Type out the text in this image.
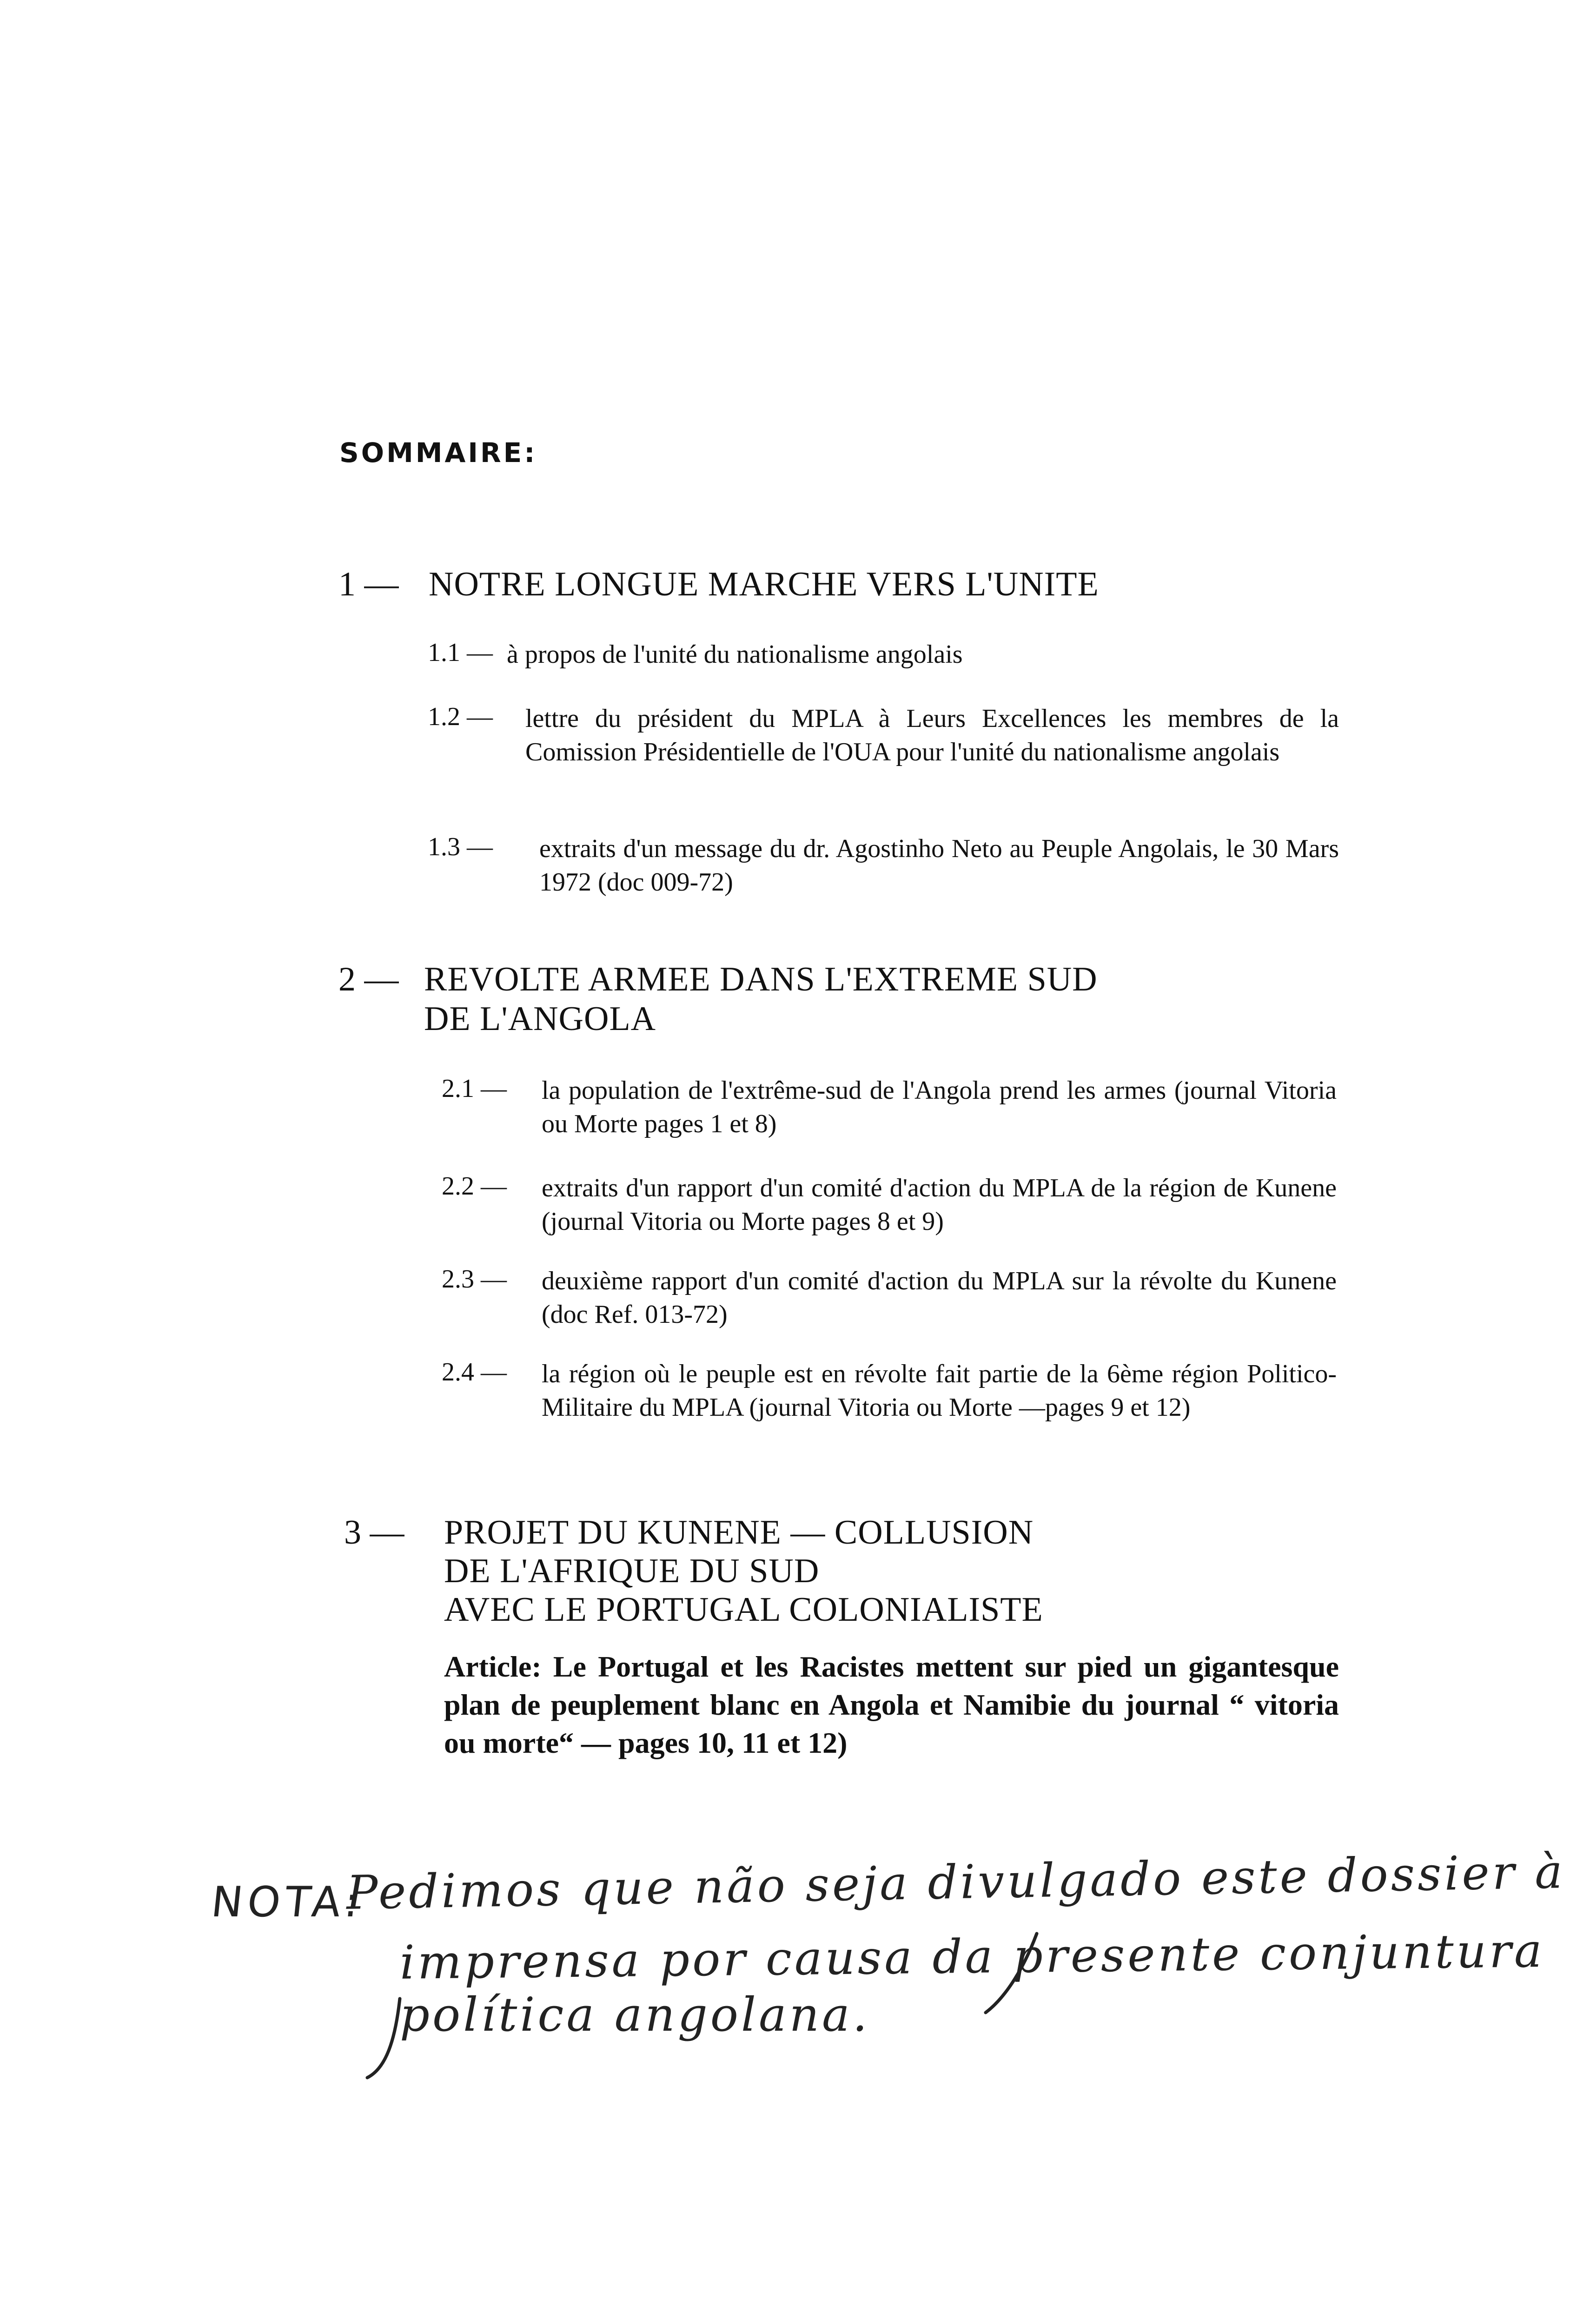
SOMMAIRE:
1 — NOTRE LONGUE MARCHE VERS L'UNITE
1.1 — à propos de l'unité du nationalisme angolais
1.2 — lettre du président du MPLA à Leurs Excellences les membres de la Comission Présidentielle de l'OUA pour l'unité du nationalisme angolais
1.3 — extraits d'un message du dr. Agostinho Neto au Peuple Angolais, le 30 Mars 1972 (doc 009-72)
2 — REVOLTE ARMEE DANS L'EXTREME SUD
DE L'ANGOLA
2.1 — la population de l'extrême-sud de l'Angola prend les armes (journal Vitoria ou Morte pages 1 et 8)
2.2 — extraits d'un rapport d'un comité d'action du MPLA de la région de Kunene (journal Vitoria ou Morte pages 8 et 9)
2.3 — deuxième rapport d'un comité d'action du MPLA sur la révolte du Kunene (doc Ref. 013-72)
2.4 — la région où le peuple est en révolte fait partie de la 6ème région Politico-Militaire du MPLA (journal Vitoria ou Morte —pages 9 et 12)
3 — PROJET DU KUNENE — COLLUSION
DE L'AFRIQUE DU SUD
AVEC LE PORTUGAL COLONIALISTE
Article: Le Portugal et les Racistes mettent sur pied un gigantesque plan de peuplement blanc en Angola et Namibie du journal “ vitoria ou morte“ — pages 10, 11 et 12)
NOTA:
Pedimos que não seja divulgado este dossier à
imprensa por causa da presente conjuntura
política angolana.
